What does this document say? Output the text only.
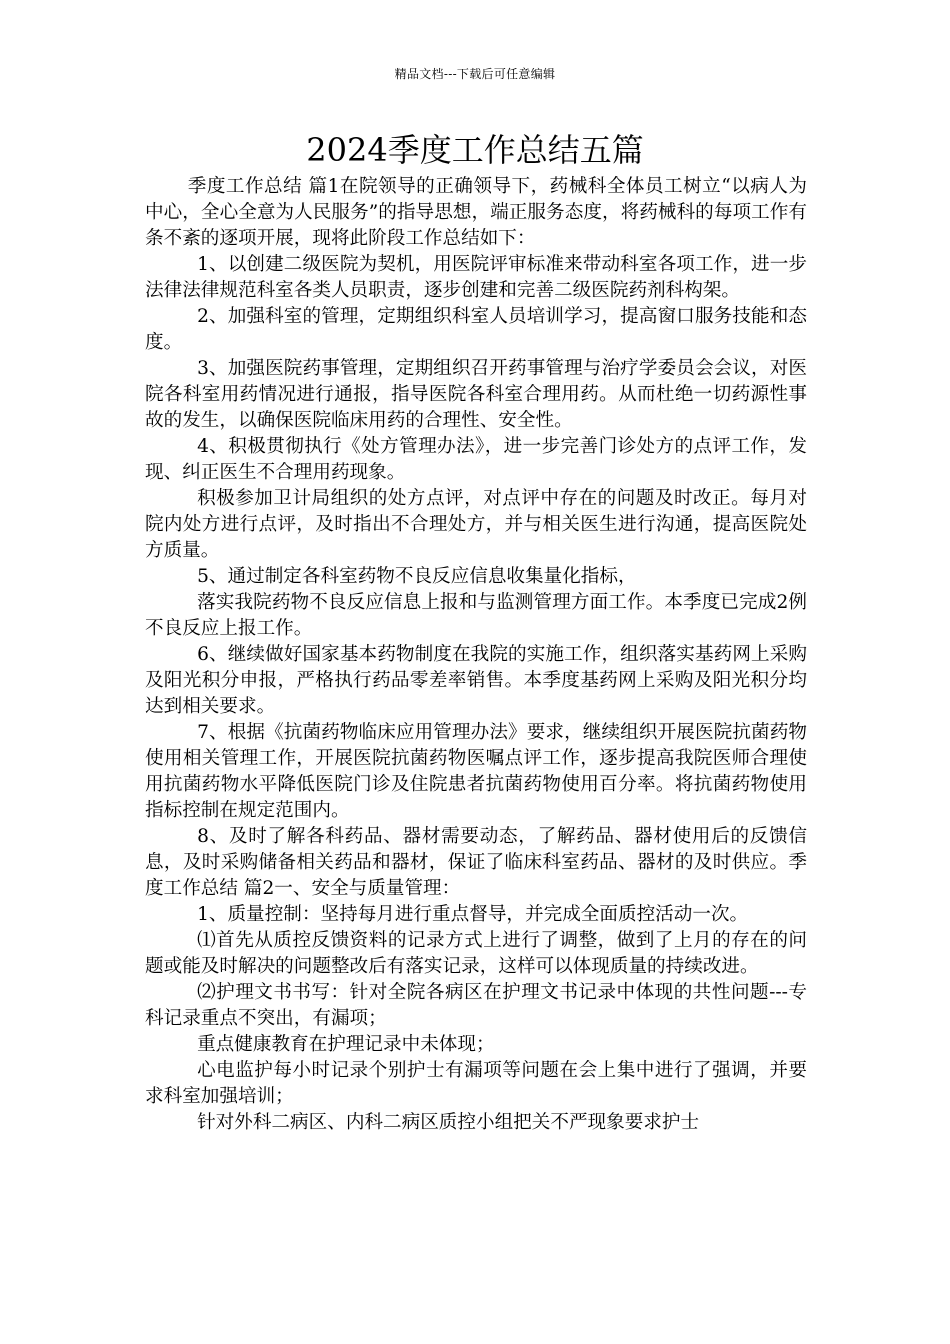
精品文档---下载后可任意编辑
2024季度工作总结五篇

季度工作总结 篇1在院领导的正确领导下，药械科全体员工树立“以病人为中心，全心全意为人民服务”的指导思想，端正服务态度，将药械科的每项工作有条不紊的逐项开展，现将此阶段工作总结如下：

1、以创建二级医院为契机，用医院评审标准来带动科室各项工作，进一步法律法律规范科室各类人员职责，逐步创建和完善二级医院药剂科构架。

2、加强科室的管理，定期组织科室人员培训学习，提高窗口服务技能和态度。

3、加强医院药事管理，定期组织召开药事管理与治疗学委员会会议，对医院各科室用药情况进行通报，指导医院各科室合理用药。从而杜绝一切药源性事故的发生，以确保医院临床用药的合理性、安全性。

4、积极贯彻执行《处方管理办法》，进一步完善门诊处方的点评工作，发现、纠正医生不合理用药现象。

积极参加卫计局组织的处方点评，对点评中存在的问题及时改正。每月对院内处方进行点评，及时指出不合理处方，并与相关医生进行沟通，提高医院处方质量。

5、通过制定各科室药物不良反应信息收集量化指标，

落实我院药物不良反应信息上报和与监测管理方面工作。本季度已完成2例不良反应上报工作。

6、继续做好国家基本药物制度在我院的实施工作，组织落实基药网上采购及阳光积分申报，严格执行药品零差率销售。本季度基药网上采购及阳光积分均达到相关要求。

7、根据《抗菌药物临床应用管理办法》要求，继续组织开展医院抗菌药物使用相关管理工作，开展医院抗菌药物医嘱点评工作，逐步提高我院医师合理使用抗菌药物水平降低医院门诊及住院患者抗菌药物使用百分率。将抗菌药物使用指标控制在规定范围内。

8、及时了解各科药品、器材需要动态，了解药品、器材使用后的反馈信息，及时采购储备相关药品和器材，保证了临床科室药品、器材的及时供应。季度工作总结 篇2一、安全与质量管理：

1、质量控制：坚持每月进行重点督导，并完成全面质控活动一次。

⑴首先从质控反馈资料的记录方式上进行了调整，做到了上月的存在的问题或能及时解决的问题整改后有落实记录，这样可以体现质量的持续改进。

⑵护理文书书写：针对全院各病区在护理文书记录中体现的共性问题---专科记录重点不突出，有漏项；

重点健康教育在护理记录中未体现；

心电监护每小时记录个别护士有漏项等问题在会上集中进行了强调，并要求科室加强培训；

针对外科二病区、内科二病区质控小组把关不严现象要求护士
